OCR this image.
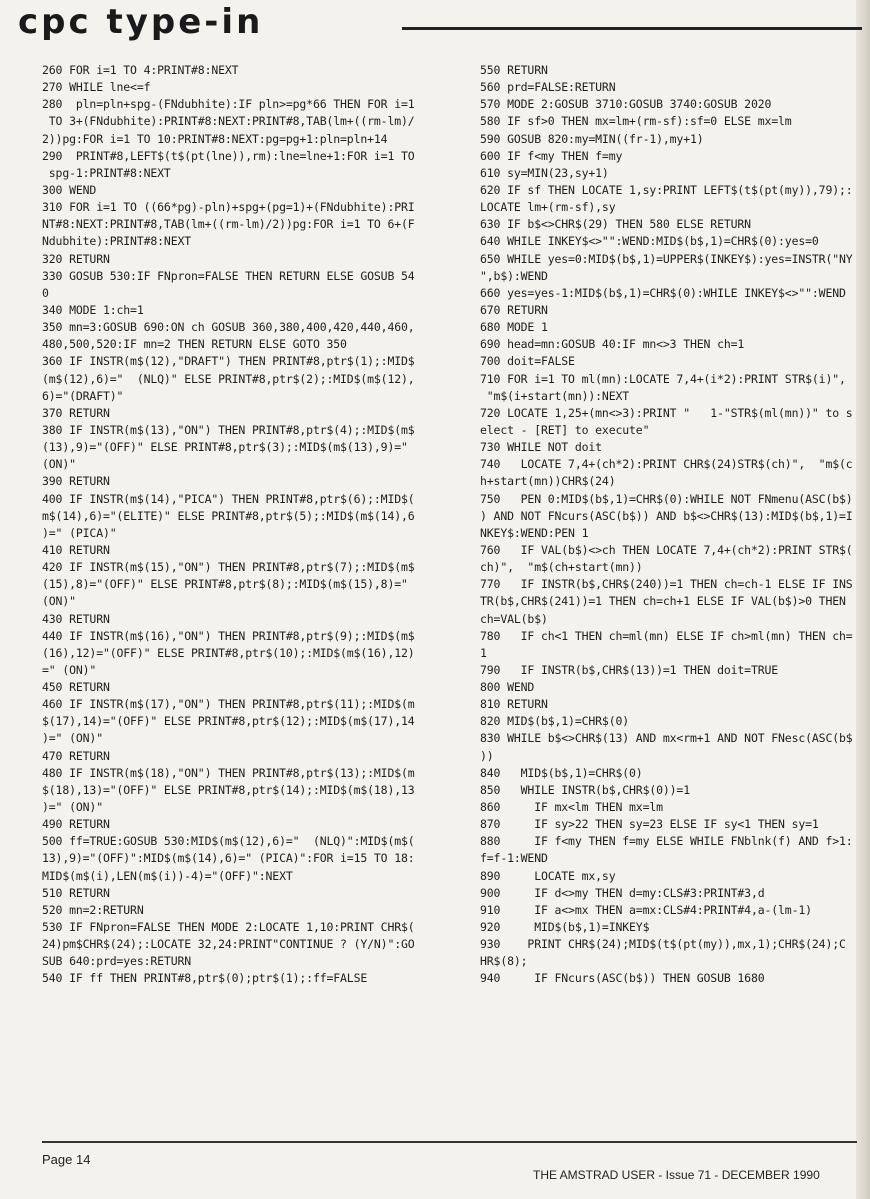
cpc type-in
260 FOR i=1 TO 4:PRINT#8:NEXT
270 WHILE lne<=f
280  pln=pln+spg-(FNdubhite):IF pln>=pg*66 THEN FOR i=1
TO 3+(FNdubhite):PRINT#8:NEXT:PRINT#8,TAB(lm+((rm-lm)/
2))pg:FOR i=1 TO 10:PRINT#8:NEXT:pg=pg+1:pln=pln+14
290  PRINT#8,LEFT$(t$(pt(lne)),rm):lne=lne+1:FOR i=1 TO
spg-1:PRINT#8:NEXT
300 WEND
310 FOR i=1 TO ((66*pg)-pln)+spg+(pg=1)+(FNdubhite):PRI
NT#8:NEXT:PRINT#8,TAB(lm+((rm-lm)/2))pg:FOR i=1 TO 6+(F
Ndubhite):PRINT#8:NEXT
320 RETURN
330 GOSUB 530:IF FNpron=FALSE THEN RETURN ELSE GOSUB 54
0
340 MODE 1:ch=1
350 mn=3:GOSUB 690:ON ch GOSUB 360,380,400,420,440,460,
480,500,520:IF mn=2 THEN RETURN ELSE GOTO 350
360 IF INSTR(m$(12),"DRAFT") THEN PRINT#8,ptr$(1);:MID$
(m$(12),6)="  (NLQ)" ELSE PRINT#8,ptr$(2);:MID$(m$(12),
6)="(DRAFT)"
370 RETURN
380 IF INSTR(m$(13),"ON") THEN PRINT#8,ptr$(4);:MID$(m$
(13),9)="(OFF)" ELSE PRINT#8,ptr$(3);:MID$(m$(13),9)="
(ON)"
390 RETURN
400 IF INSTR(m$(14),"PICA") THEN PRINT#8,ptr$(6);:MID$(
m$(14),6)="(ELITE)" ELSE PRINT#8,ptr$(5);:MID$(m$(14),6
)=" (PICA)"
410 RETURN
420 IF INSTR(m$(15),"ON") THEN PRINT#8,ptr$(7);:MID$(m$
(15),8)="(OFF)" ELSE PRINT#8,ptr$(8);:MID$(m$(15),8)="
(ON)"
430 RETURN
440 IF INSTR(m$(16),"ON") THEN PRINT#8,ptr$(9);:MID$(m$
(16),12)="(OFF)" ELSE PRINT#8,ptr$(10);:MID$(m$(16),12)
=" (ON)"
450 RETURN
460 IF INSTR(m$(17),"ON") THEN PRINT#8,ptr$(11);:MID$(m
$(17),14)="(OFF)" ELSE PRINT#8,ptr$(12);:MID$(m$(17),14
)=" (ON)"
470 RETURN
480 IF INSTR(m$(18),"ON") THEN PRINT#8,ptr$(13);:MID$(m
$(18),13)="(OFF)" ELSE PRINT#8,ptr$(14);:MID$(m$(18),13
)=" (ON)"
490 RETURN
500 ff=TRUE:GOSUB 530:MID$(m$(12),6)="  (NLQ)":MID$(m$(
13),9)="(OFF)":MID$(m$(14),6)=" (PICA)":FOR i=15 TO 18:
MID$(m$(i),LEN(m$(i))-4)="(OFF)":NEXT
510 RETURN
520 mn=2:RETURN
530 IF FNpron=FALSE THEN MODE 2:LOCATE 1,10:PRINT CHR$(
24)pm$CHR$(24);:LOCATE 32,24:PRINT"CONTINUE ? (Y/N)":GO
SUB 640:prd=yes:RETURN
540 IF ff THEN PRINT#8,ptr$(0);ptr$(1);:ff=FALSE
550 RETURN
560 prd=FALSE:RETURN
570 MODE 2:GOSUB 3710:GOSUB 3740:GOSUB 2020
580 IF sf>0 THEN mx=lm+(rm-sf):sf=0 ELSE mx=lm
590 GOSUB 820:my=MIN((fr-1),my+1)
600 IF f<my THEN f=my
610 sy=MIN(23,sy+1)
620 IF sf THEN LOCATE 1,sy:PRINT LEFT$(t$(pt(my)),79);:
LOCATE lm+(rm-sf),sy
630 IF b$<>CHR$(29) THEN 580 ELSE RETURN
640 WHILE INKEY$<>"":WEND:MID$(b$,1)=CHR$(0):yes=0
650 WHILE yes=0:MID$(b$,1)=UPPER$(INKEY$):yes=INSTR("NY
",b$):WEND
660 yes=yes-1:MID$(b$,1)=CHR$(0):WHILE INKEY$<>"":WEND
670 RETURN
680 MODE 1
690 head=mn:GOSUB 40:IF mn<>3 THEN ch=1
700 doit=FALSE
710 FOR i=1 TO ml(mn):LOCATE 7,4+(i*2):PRINT STR$(i)",
"m$(i+start(mn)):NEXT
720 LOCATE 1,25+(mn<>3):PRINT "   1-"STR$(ml(mn))" to s
elect - [RET] to execute"
730 WHILE NOT doit
740   LOCATE 7,4+(ch*2):PRINT CHR$(24)STR$(ch)",  "m$(c
h+start(mn))CHR$(24)
750   PEN 0:MID$(b$,1)=CHR$(0):WHILE NOT FNmenu(ASC(b$)
) AND NOT FNcurs(ASC(b$)) AND b$<>CHR$(13):MID$(b$,1)=I
NKEY$:WEND:PEN 1
760   IF VAL(b$)<>ch THEN LOCATE 7,4+(ch*2):PRINT STR$(
ch)",  "m$(ch+start(mn))
770   IF INSTR(b$,CHR$(240))=1 THEN ch=ch-1 ELSE IF INS
TR(b$,CHR$(241))=1 THEN ch=ch+1 ELSE IF VAL(b$)>0 THEN
ch=VAL(b$)
780   IF ch<1 THEN ch=ml(mn) ELSE IF ch>ml(mn) THEN ch=
1
790   IF INSTR(b$,CHR$(13))=1 THEN doit=TRUE
800 WEND
810 RETURN
820 MID$(b$,1)=CHR$(0)
830 WHILE b$<>CHR$(13) AND mx<rm+1 AND NOT FNesc(ASC(b$
))
840   MID$(b$,1)=CHR$(0)
850   WHILE INSTR(b$,CHR$(0))=1
860     IF mx<lm THEN mx=lm
870     IF sy>22 THEN sy=23 ELSE IF sy<1 THEN sy=1
880     IF f<my THEN f=my ELSE WHILE FNblnk(f) AND f>1:
f=f-1:WEND
890     LOCATE mx,sy
900     IF d<>my THEN d=my:CLS#3:PRINT#3,d
910     IF a<>mx THEN a=mx:CLS#4:PRINT#4,a-(lm-1)
920     MID$(b$,1)=INKEY$
930    PRINT CHR$(24);MID$(t$(pt(my)),mx,1);CHR$(24);C
HR$(8);
940     IF FNcurs(ASC(b$)) THEN GOSUB 1680
Page 14
THE AMSTRAD USER - Issue 71 - DECEMBER 1990
